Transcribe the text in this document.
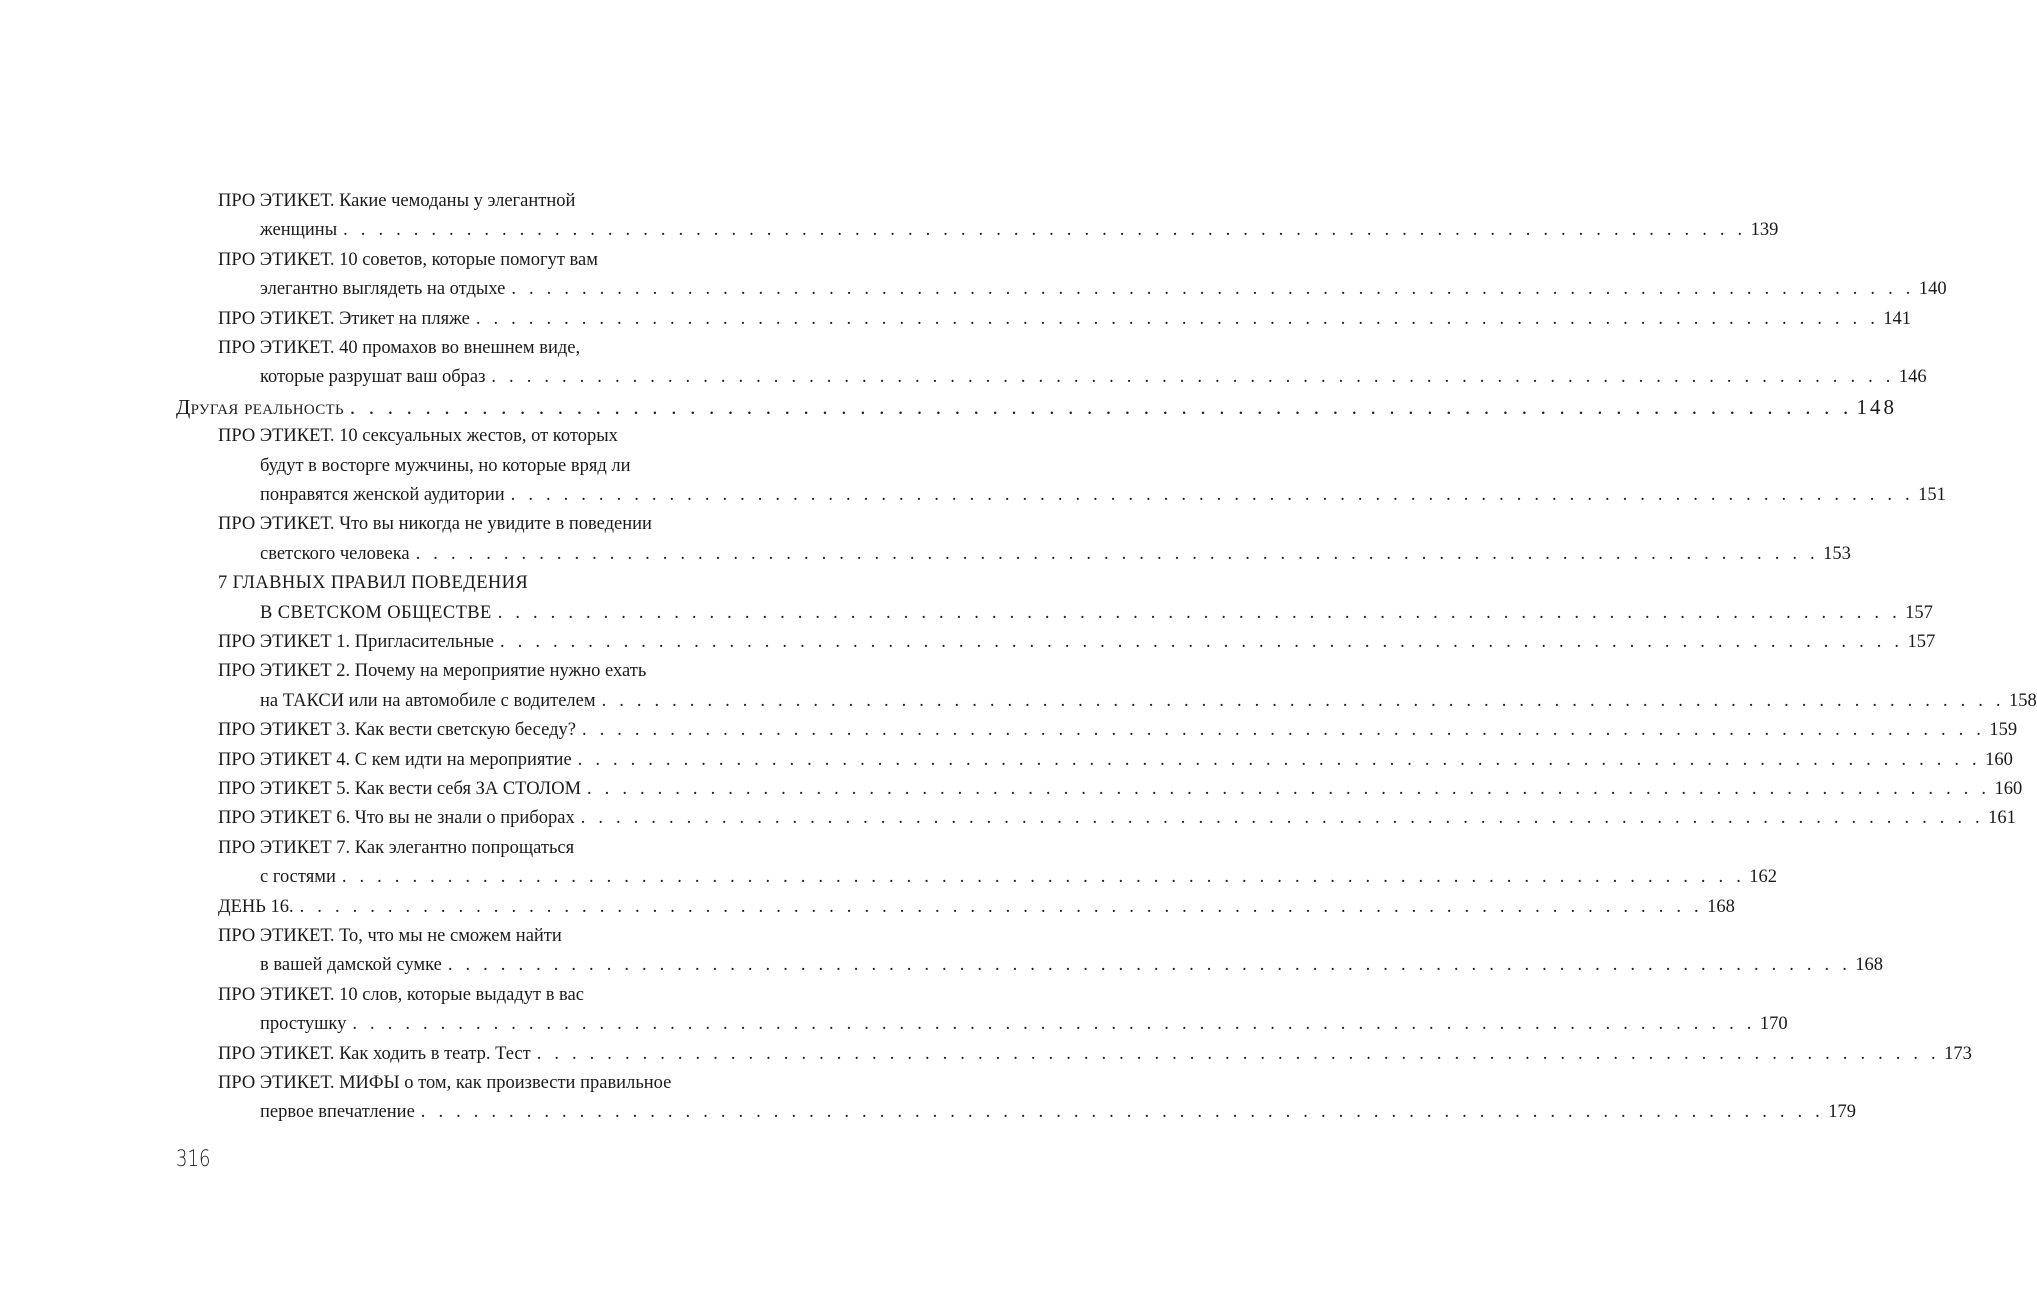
ПРО ЭТИКЕТ. Какие чемоданы у элегантной
женщины . . . . . . . . . . . . . . . . . . . . . . . . . . . . . . . . . . . . . . . . . . . . . . . . . . . . . . . . . . . . . . . . . . . . . . . . . . . . . . . . 139
ПРО ЭТИКЕТ. 10 советов, которые помогут вам
элегантно выглядеть на отдыхе . . . . . . . . . . . . . . . . . . . . . . . . . . . . . . . . . . . . . . . . . . . . . . . . . . . . . . . . . . . . . . . . . . . . . . . . . . . . . . . . 140
ПРО ЭТИКЕТ. Этикет на пляже . . . . . . . . . . . . . . . . . . . . . . . . . . . . . . . . . . . . . . . . . . . . . . . . . . . . . . . . . . . . . . . . . . . . . . . . . . . . . . . . 141
ПРО ЭТИКЕТ. 40 промахов во внешнем виде,
которые разрушат ваш образ . . . . . . . . . . . . . . . . . . . . . . . . . . . . . . . . . . . . . . . . . . . . . . . . . . . . . . . . . . . . . . . . . . . . . . . . . . . . . . . . 146
Другая реальность . . . . . . . . . . . . . . . . . . . . . . . . . . . . . . . . . . . . . . . . . . . . . . . . . . . . . . . . . . . . . . . . . . . . . . . . . . . . . . . . 148
ПРО ЭТИКЕТ. 10 сексуальных жестов, от которых
будут в восторге мужчины, но которые вряд ли
понравятся женской аудитории . . . . . . . . . . . . . . . . . . . . . . . . . . . . . . . . . . . . . . . . . . . . . . . . . . . . . . . . . . . . . . . . . . . . . . . . . . . . . . . . 151
ПРО ЭТИКЕТ. Что вы никогда не увидите в поведении
светского человека . . . . . . . . . . . . . . . . . . . . . . . . . . . . . . . . . . . . . . . . . . . . . . . . . . . . . . . . . . . . . . . . . . . . . . . . . . . . . . . . 153
7 ГЛАВНЫХ ПРАВИЛ ПОВЕДЕНИЯ
В СВЕТСКОМ ОБЩЕСТВЕ . . . . . . . . . . . . . . . . . . . . . . . . . . . . . . . . . . . . . . . . . . . . . . . . . . . . . . . . . . . . . . . . . . . . . . . . . . . . . . . . 157
ПРО ЭТИКЕТ 1. Пригласительные . . . . . . . . . . . . . . . . . . . . . . . . . . . . . . . . . . . . . . . . . . . . . . . . . . . . . . . . . . . . . . . . . . . . . . . . . . . . . . . . 157
ПРО ЭТИКЕТ 2. Почему на мероприятие нужно ехать
на ТАКСИ или на автомобиле с водителем . . . . . . . . . . . . . . . . . . . . . . . . . . . . . . . . . . . . . . . . . . . . . . . . . . . . . . . . . . . . . . . . . . . . . . . . . . . . . . . . 158
ПРО ЭТИКЕТ 3. Как вести светскую беседу? . . . . . . . . . . . . . . . . . . . . . . . . . . . . . . . . . . . . . . . . . . . . . . . . . . . . . . . . . . . . . . . . . . . . . . . . . . . . . . . . 159
ПРО ЭТИКЕТ 4. С кем идти на мероприятие . . . . . . . . . . . . . . . . . . . . . . . . . . . . . . . . . . . . . . . . . . . . . . . . . . . . . . . . . . . . . . . . . . . . . . . . . . . . . . . . 160
ПРО ЭТИКЕТ 5. Как вести себя ЗА СТОЛОМ . . . . . . . . . . . . . . . . . . . . . . . . . . . . . . . . . . . . . . . . . . . . . . . . . . . . . . . . . . . . . . . . . . . . . . . . . . . . . . . . 160
ПРО ЭТИКЕТ 6. Что вы не знали о приборах . . . . . . . . . . . . . . . . . . . . . . . . . . . . . . . . . . . . . . . . . . . . . . . . . . . . . . . . . . . . . . . . . . . . . . . . . . . . . . . . 161
ПРО ЭТИКЕТ 7. Как элегантно попрощаться
с гостями . . . . . . . . . . . . . . . . . . . . . . . . . . . . . . . . . . . . . . . . . . . . . . . . . . . . . . . . . . . . . . . . . . . . . . . . . . . . . . . . 162
ДЕНЬ 16. . . . . . . . . . . . . . . . . . . . . . . . . . . . . . . . . . . . . . . . . . . . . . . . . . . . . . . . . . . . . . . . . . . . . . . . . . . . . . . . . 168
ПРО ЭТИКЕТ. То, что мы не сможем найти
в вашей дамской сумке . . . . . . . . . . . . . . . . . . . . . . . . . . . . . . . . . . . . . . . . . . . . . . . . . . . . . . . . . . . . . . . . . . . . . . . . . . . . . . . . 168
ПРО ЭТИКЕТ. 10 слов, которые выдадут в вас
простушку . . . . . . . . . . . . . . . . . . . . . . . . . . . . . . . . . . . . . . . . . . . . . . . . . . . . . . . . . . . . . . . . . . . . . . . . . . . . . . . . 170
ПРО ЭТИКЕТ. Как ходить в театр. Тест . . . . . . . . . . . . . . . . . . . . . . . . . . . . . . . . . . . . . . . . . . . . . . . . . . . . . . . . . . . . . . . . . . . . . . . . . . . . . . . . 173
ПРО ЭТИКЕТ. МИФЫ о том, как произвести правильное
первое впечатление . . . . . . . . . . . . . . . . . . . . . . . . . . . . . . . . . . . . . . . . . . . . . . . . . . . . . . . . . . . . . . . . . . . . . . . . . . . . . . . . 179
316
